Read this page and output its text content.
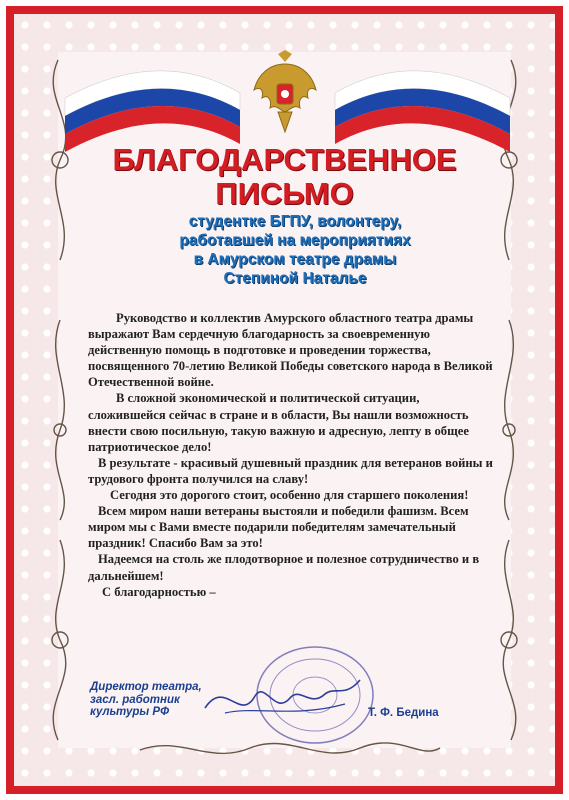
БЛАГОДАРСТВЕННОЕ
ПИСЬМО
студентке БГПУ, волонтеру,
работавшей на мероприятиях
в Амурском театре драмы
Степиной Наталье

Руководство и коллектив Амурского областного театра драмы выражают Вам сердечную благодарность за своевременную действенную помощь в подготовке и проведении торжества, посвященного 70-летию Великой Победы советского народа в Великой Отечественной войне.

В сложной экономической и политической ситуации, сложившейся сейчас в стране и в области, Вы нашли возможность внести свою посильную, такую важную и адресную, лепту в общее патриотическое дело!

В результате - красивый душевный праздник для ветеранов войны и трудового фронта получился на славу!

Сегодня это дорогого стоит, особенно для старшего поколения!

Всем миром наши ветераны выстояли и победили фашизм. Всем миром мы с Вами вместе подарили победителям замечательный праздник! Спасибо Вам за это!

Надеемся на столь же плодотворное и полезное сотрудничество и в дальнейшем!

С благодарностью –

Директор театра,
засл. работник
культуры РФ	Т. Ф. Бедина
